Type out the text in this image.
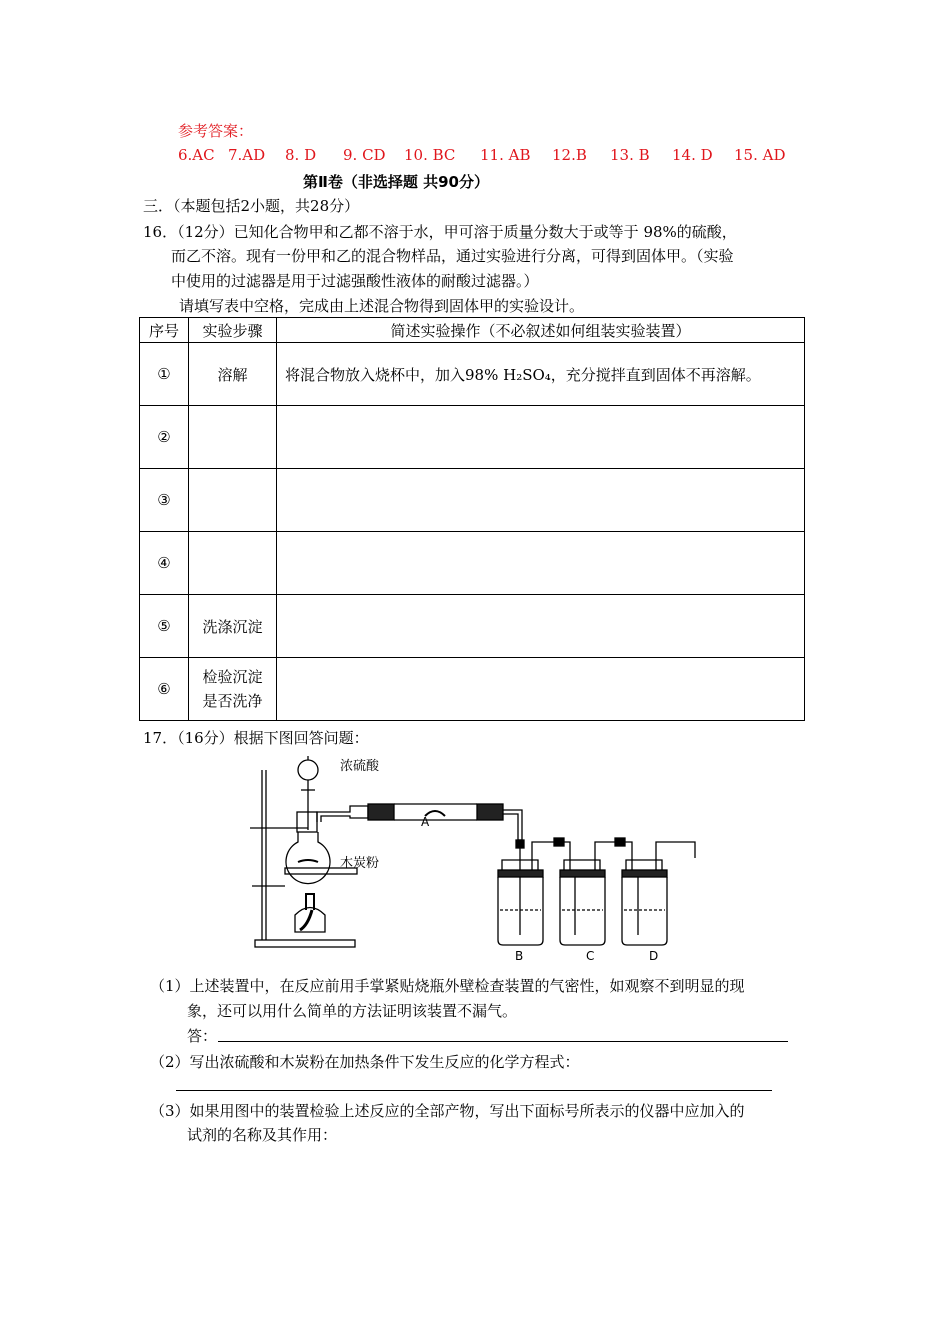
参考答案：
6.AC 7.AD 8. D 9. CD 10. BC 11. AB 12.B 13. B 14. D 15. AD
第Ⅱ卷（非选择题 共90分）
三．（本题包括2小题，共28分）
16．（12分）已知化合物甲和乙都不溶于水，甲可溶于质量分数大于或等于 98%的硫酸，
而乙不溶。现有一份甲和乙的混合物样品，通过实验进行分离，可得到固体甲。（实验
中使用的过滤器是用于过滤强酸性液体的耐酸过滤器。）
请填写表中空格，完成由上述混合物得到固体甲的实验设计。
序号	实验步骤	简述实验操作（不必叙述如何组装实验装置）
①	溶解	将混合物放入烧杯中，加入98% H₂SO₄，充分搅拌直到固体不再溶解。
②		
③		
④		
⑤	洗涤沉淀	
⑥	检验沉淀
是否洗净	

17．（16分）根据下图回答问题：
浓硫酸
木炭粉
A
B	C	D
（1）上述装置中，在反应前用手掌紧贴烧瓶外壁检查装置的气密性，如观察不到明显的现
象，还可以用什么简单的方法证明该装置不漏气。
答：
（2）写出浓硫酸和木炭粉在加热条件下发生反应的化学方程式：
（3）如果用图中的装置检验上述反应的全部产物，写出下面标号所表示的仪器中应加入的
试剂的名称及其作用：
